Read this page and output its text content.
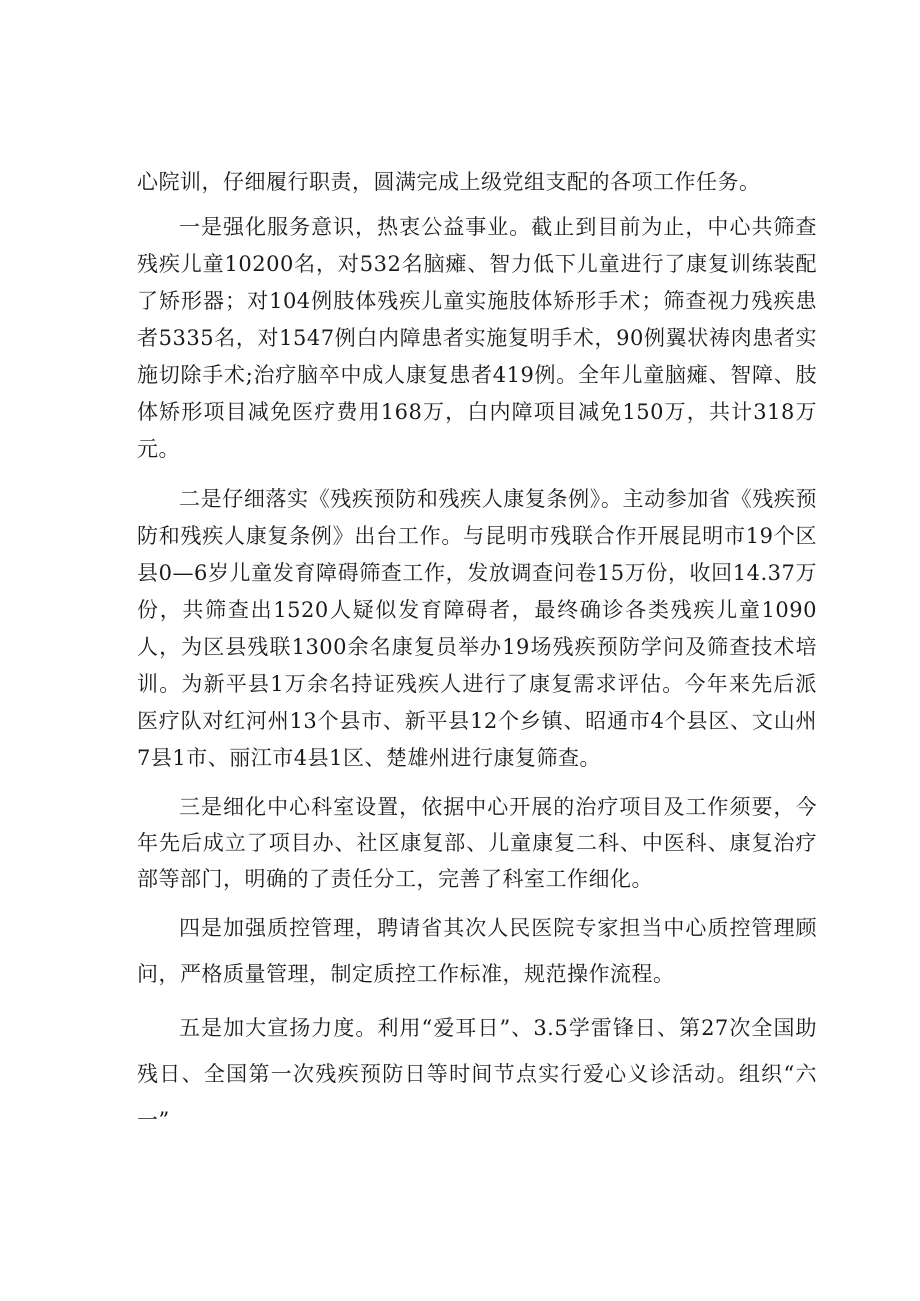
心院训，仔细履行职责，圆满完成上级党组支配的各项工作任务。

一是强化服务意识，热衷公益事业。截止到目前为止，中心共筛查残疾儿童10200名，对532名脑瘫、智力低下儿童进行了康复训练装配了矫形器；对104例肢体残疾儿童实施肢体矫形手术；筛查视力残疾患者5335名，对1547例白内障患者实施复明手术，90例翼状祷肉患者实施切除手术;治疗脑卒中成人康复患者419例。全年儿童脑瘫、智障、肢体矫形项目减免医疗费用168万，白内障项目减免150万，共计318万元。

二是仔细落实《残疾预防和残疾人康复条例》。主动参加省《残疾预防和残疾人康复条例》出台工作。与昆明市残联合作开展昆明市19个区县0—6岁儿童发育障碍筛查工作，发放调查问卷15万份，收回14.37万份，共筛查出1520人疑似发育障碍者，最终确诊各类残疾儿童1090人，为区县残联1300余名康复员举办19场残疾预防学问及筛查技术培训。为新平县1万余名持证残疾人进行了康复需求评估。今年来先后派医疗队对红河州13个县市、新平县12个乡镇、昭通市4个县区、文山州7县1市、丽江市4县1区、楚雄州进行康复筛查。

三是细化中心科室设置，依据中心开展的治疗项目及工作须要，今年先后成立了项目办、社区康复部、儿童康复二科、中医科、康复治疗部等部门，明确的了责任分工，完善了科室工作细化。

四是加强质控管理，聘请省其次人民医院专家担当中心质控管理顾问，严格质量管理，制定质控工作标准，规范操作流程。

五是加大宣扬力度。利用“爱耳日”、3.5学雷锋日、第27次全国助残日、全国第一次残疾预防日等时间节点实行爱心义诊活动。组织“六一”
